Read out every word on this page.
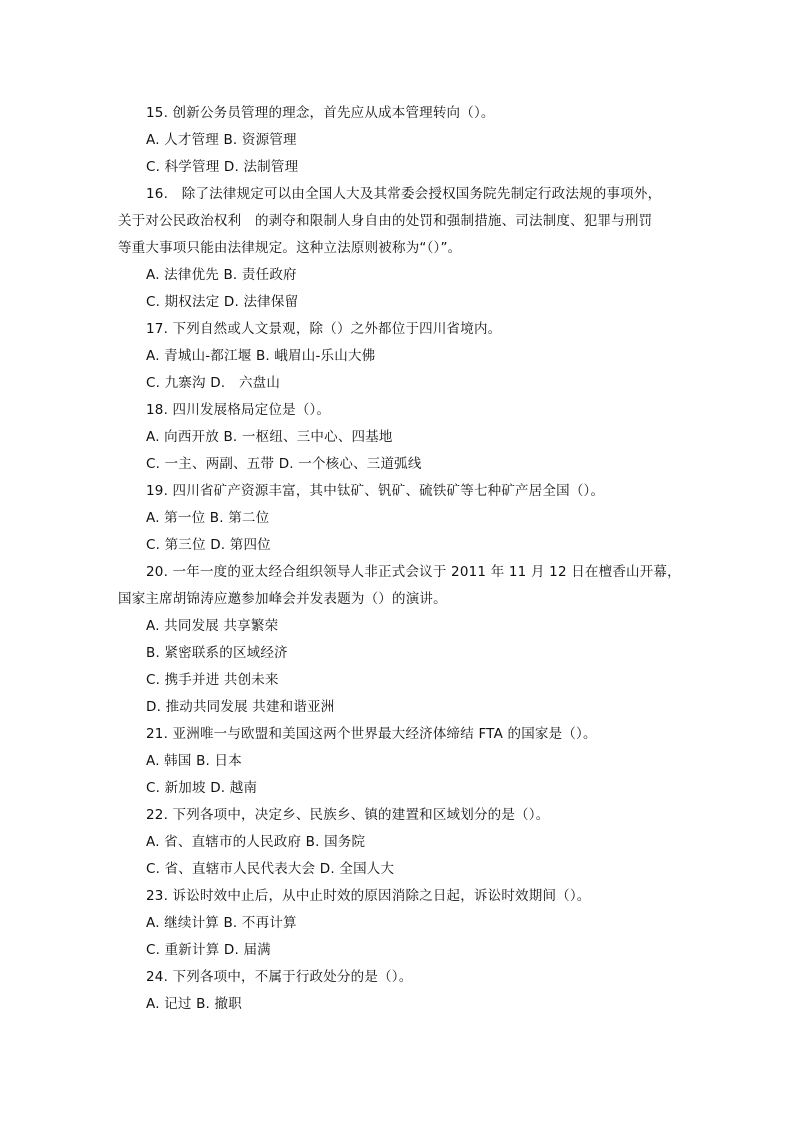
15. 创新公务员管理的理念，首先应从成本管理转向（）。
A. 人才管理 B. 资源管理
C. 科学管理 D. 法制管理
16.　除了法律规定可以由全国人大及其常委会授权国务院先制定行政法规的事项外，
关于对公民政治权利　的剥夺和限制人身自由的处罚和强制措施、司法制度、犯罪与刑罚
等重大事项只能由法律规定。这种立法原则被称为“（）”。
A. 法律优先 B. 责任政府
C. 期权法定 D. 法律保留
17. 下列自然或人文景观，除（）之外都位于四川省境内。
A. 青城山-都江堰 B. 峨眉山-乐山大佛
C. 九寨沟 D.　六盘山
18. 四川发展格局定位是（）。
A. 向西开放 B. 一枢纽、三中心、四基地
C. 一主、两副、五带 D. 一个核心、三道弧线
19. 四川省矿产资源丰富，其中钛矿、钒矿、硫铁矿等七种矿产居全国（）。
A. 第一位 B. 第二位
C. 第三位 D. 第四位
20. 一年一度的亚太经合组织领导人非正式会议于 2011 年 11 月 12 日在檀香山开幕，
国家主席胡锦涛应邀参加峰会并发表题为（）的演讲。
A. 共同发展 共享繁荣
B. 紧密联系的区域经济
C. 携手并进 共创未来
D. 推动共同发展 共建和谐亚洲
21. 亚洲唯一与欧盟和美国这两个世界最大经济体缔结 FTA 的国家是（）。
A. 韩国 B. 日本
C. 新加坡 D. 越南
22. 下列各项中，决定乡、民族乡、镇的建置和区域划分的是（）。
A. 省、直辖市的人民政府 B. 国务院
C. 省、直辖市人民代表大会 D. 全国人大
23. 诉讼时效中止后，从中止时效的原因消除之日起，诉讼时效期间（）。
A. 继续计算 B. 不再计算
C. 重新计算 D. 届满
24. 下列各项中，不属于行政处分的是（）。
A. 记过 B. 撤职
